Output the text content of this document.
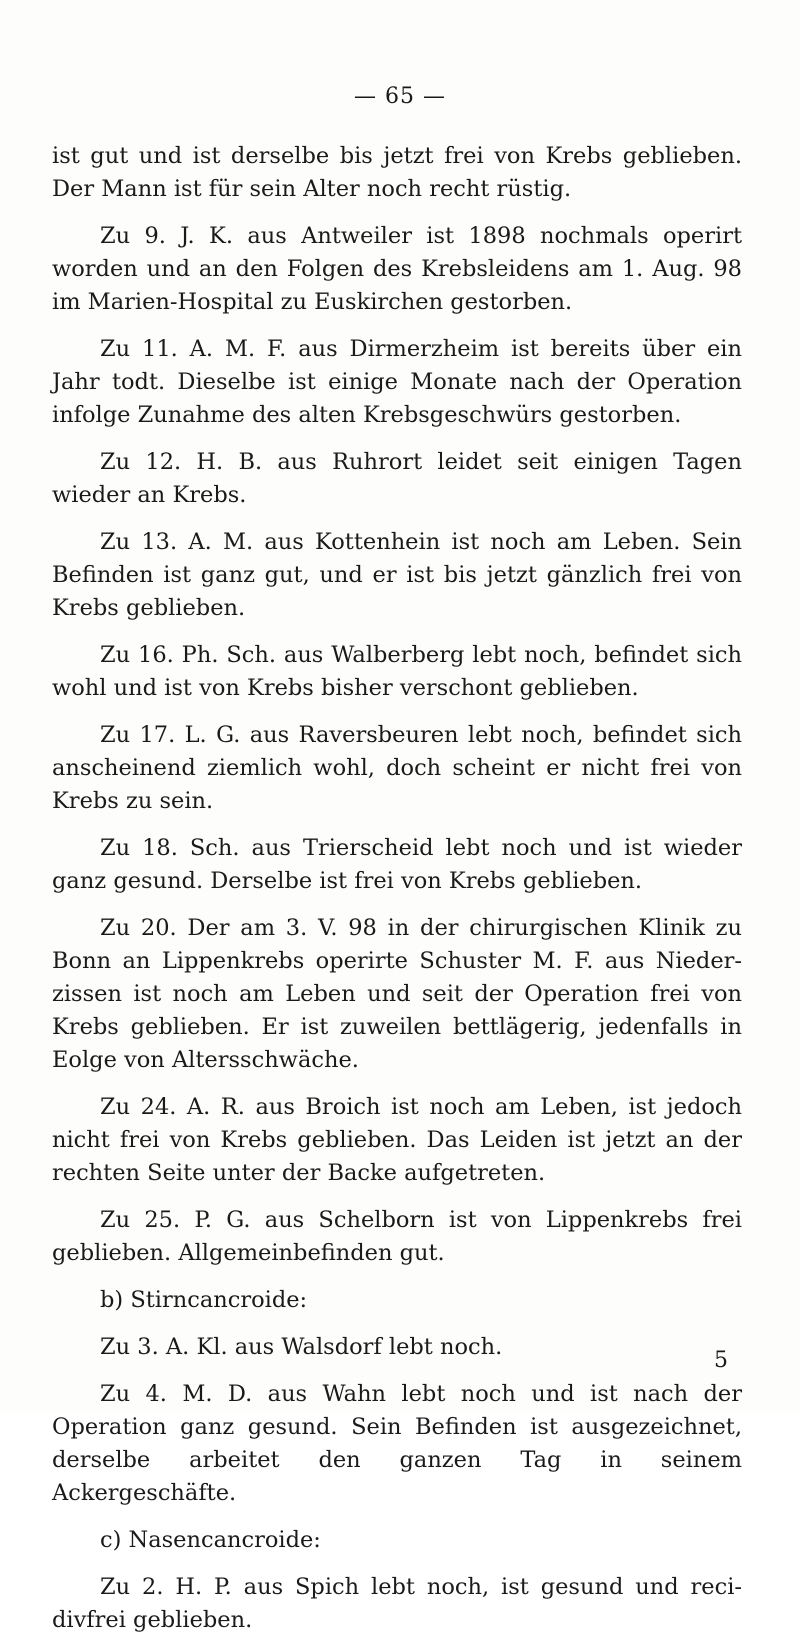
— 65 —

ist gut und ist derselbe bis jetzt frei von Krebs geblieben. Der Mann ist für sein Alter noch recht rüstig.

Zu 9. J. K. aus Antweiler ist 1898 nochmals operirt worden und an den Folgen des Krebsleidens am 1. Aug. 98 im Marien-Hospital zu Euskirchen gestorben.

Zu 11. A. M. F. aus Dirmerzheim ist bereits über ein Jahr todt. Dieselbe ist einige Monate nach der Operation infolge Zunahme des alten Krebsgeschwürs gestorben.

Zu 12. H. B. aus Ruhrort leidet seit einigen Tagen wieder an Krebs.

Zu 13. A. M. aus Kottenhein ist noch am Leben. Sein Befinden ist ganz gut, und er ist bis jetzt gänzlich frei von Krebs geblieben.

Zu 16. Ph. Sch. aus Walberberg lebt noch, befindet sich wohl und ist von Krebs bisher verschont geblieben.

Zu 17. L. G. aus Raversbeuren lebt noch, befindet sich anscheinend ziemlich wohl, doch scheint er nicht frei von Krebs zu sein.

Zu 18. Sch. aus Trierscheid lebt noch und ist wieder ganz gesund. Derselbe ist frei von Krebs geblieben.

Zu 20. Der am 3. V. 98 in der chirurgischen Klinik zu Bonn an Lippenkrebs operirte Schuster M. F. aus Nieder-zissen ist noch am Leben und seit der Operation frei von Krebs geblieben. Er ist zuweilen bettlägerig, jedenfalls in Eolge von Altersschwäche.

Zu 24. A. R. aus Broich ist noch am Leben, ist jedoch nicht frei von Krebs geblieben. Das Leiden ist jetzt an der rechten Seite unter der Backe aufgetreten.

Zu 25. P. G. aus Schelborn ist von Lippenkrebs frei geblieben. Allgemeinbefinden gut.

b) Stirncancroide:

Zu 3. A. Kl. aus Walsdorf lebt noch.

Zu 4. M. D. aus Wahn lebt noch und ist nach der Operation ganz gesund. Sein Befinden ist ausgezeichnet, derselbe arbeitet den ganzen Tag in seinem Ackergeschäfte.

c) Nasencancroide:

Zu 2. H. P. aus Spich lebt noch, ist gesund und reci-divfrei geblieben.

5
